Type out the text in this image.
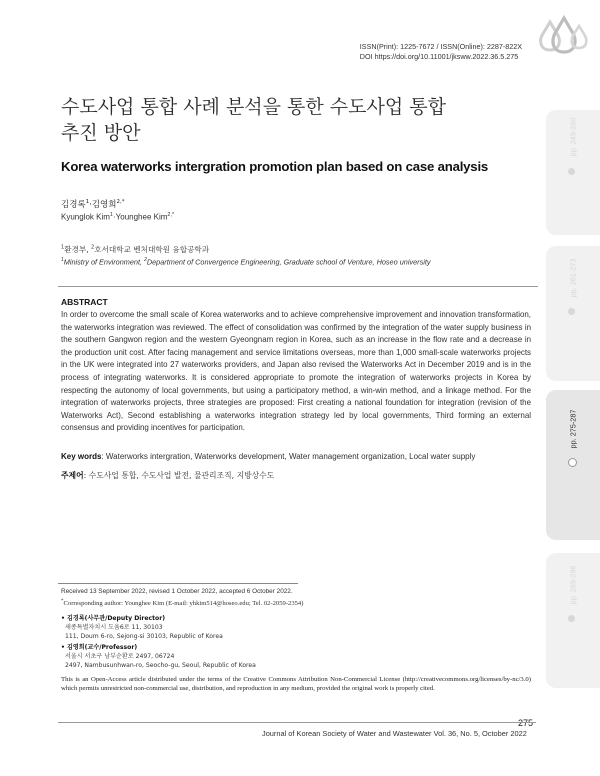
ISSN(Print): 1225-7672 / ISSN(Online): 2287-822X
DOI https://doi.org/10.11001/jksww.2022.36.5.275
수도사업 통합 사례 분석을 통한 수도사업 통합
추진 방안
Korea waterworks intergration promotion plan based on case analysis
김경록$^1$·김영희$^{2,*}$
Kyunglok Kim$^1$·Younghee Kim$^{2,*}$
$^1$환경부, $^2$호서대학교 벤처대학원 융합공학과
$^1$Ministry of Environment, $^2$Department of Convergence Engineering, Graduate school of Venture, Hoseo university
ABSTRACT
In order to overcome the small scale of Korea waterworks and to achieve comprehensive improvement and innovation transformation, the waterworks integration was reviewed. The effect of consolidation was confirmed by the integration of the water supply business in the southern Gangwon region and the western Gyeongnam region in Korea, such as an increase in the flow rate and a decrease in the production unit cost. After facing management and service limitations overseas, more than 1,000 small-scale waterworks projects in the UK were integrated into 27 waterworks providers, and Japan also revised the Waterworks Act in December 2019 and is in the process of integrating waterworks. It is considered appropriate to promote the integration of waterworks projects in Korea by respecting the autonomy of local governments, but using a participatory method, a win-win method, and a linkage method. For the integration of waterworks projects, three strategies are proposed: First creating a national foundation for integration (revision of the Waterworks Act), Second establishing a waterworks integration strategy led by local governments, Third forming an external consensus and providing incentives for participation.
Key words: Waterworks intergration, Waterworks development, Water management organization, Local water supply
주제어: 수도사업 통합, 수도사업 발전, 물관리조직, 지방상수도
pp. 249-260
pp. 261-273
pp. 275-287
pp. 289-296
Received 13 September 2022, revised 1 October 2022, accepted 6 October 2022.
*Corresponding author: Younghee Kim (E-mail: yhkim514@hoseo.edu; Tel. 02-2059-2354)
• 김경록(사무관/Deputy Director)
세종특별자치시 도움6로 11, 30103
111, Doum 6-ro, Sejong-si 30103, Republic of Korea
• 김영희(교수/Professor)
서울시 서초구 남부순환로 2497, 06724
2497, Nambusunhwan-ro, Seocho-gu, Seoul, Republic of Korea
This is an Open-Access article distributed under the terms of the Creative Commons Attribution Non-Commercial License (http://creativecommons.org/licenses/by-nc/3.0) which permits unrestricted non-commercial use, distribution, and reproduction in any medium, provided the original work is properly cited.
275
Journal of Korean Society of Water and Wastewater Vol. 36, No. 5, October 2022
